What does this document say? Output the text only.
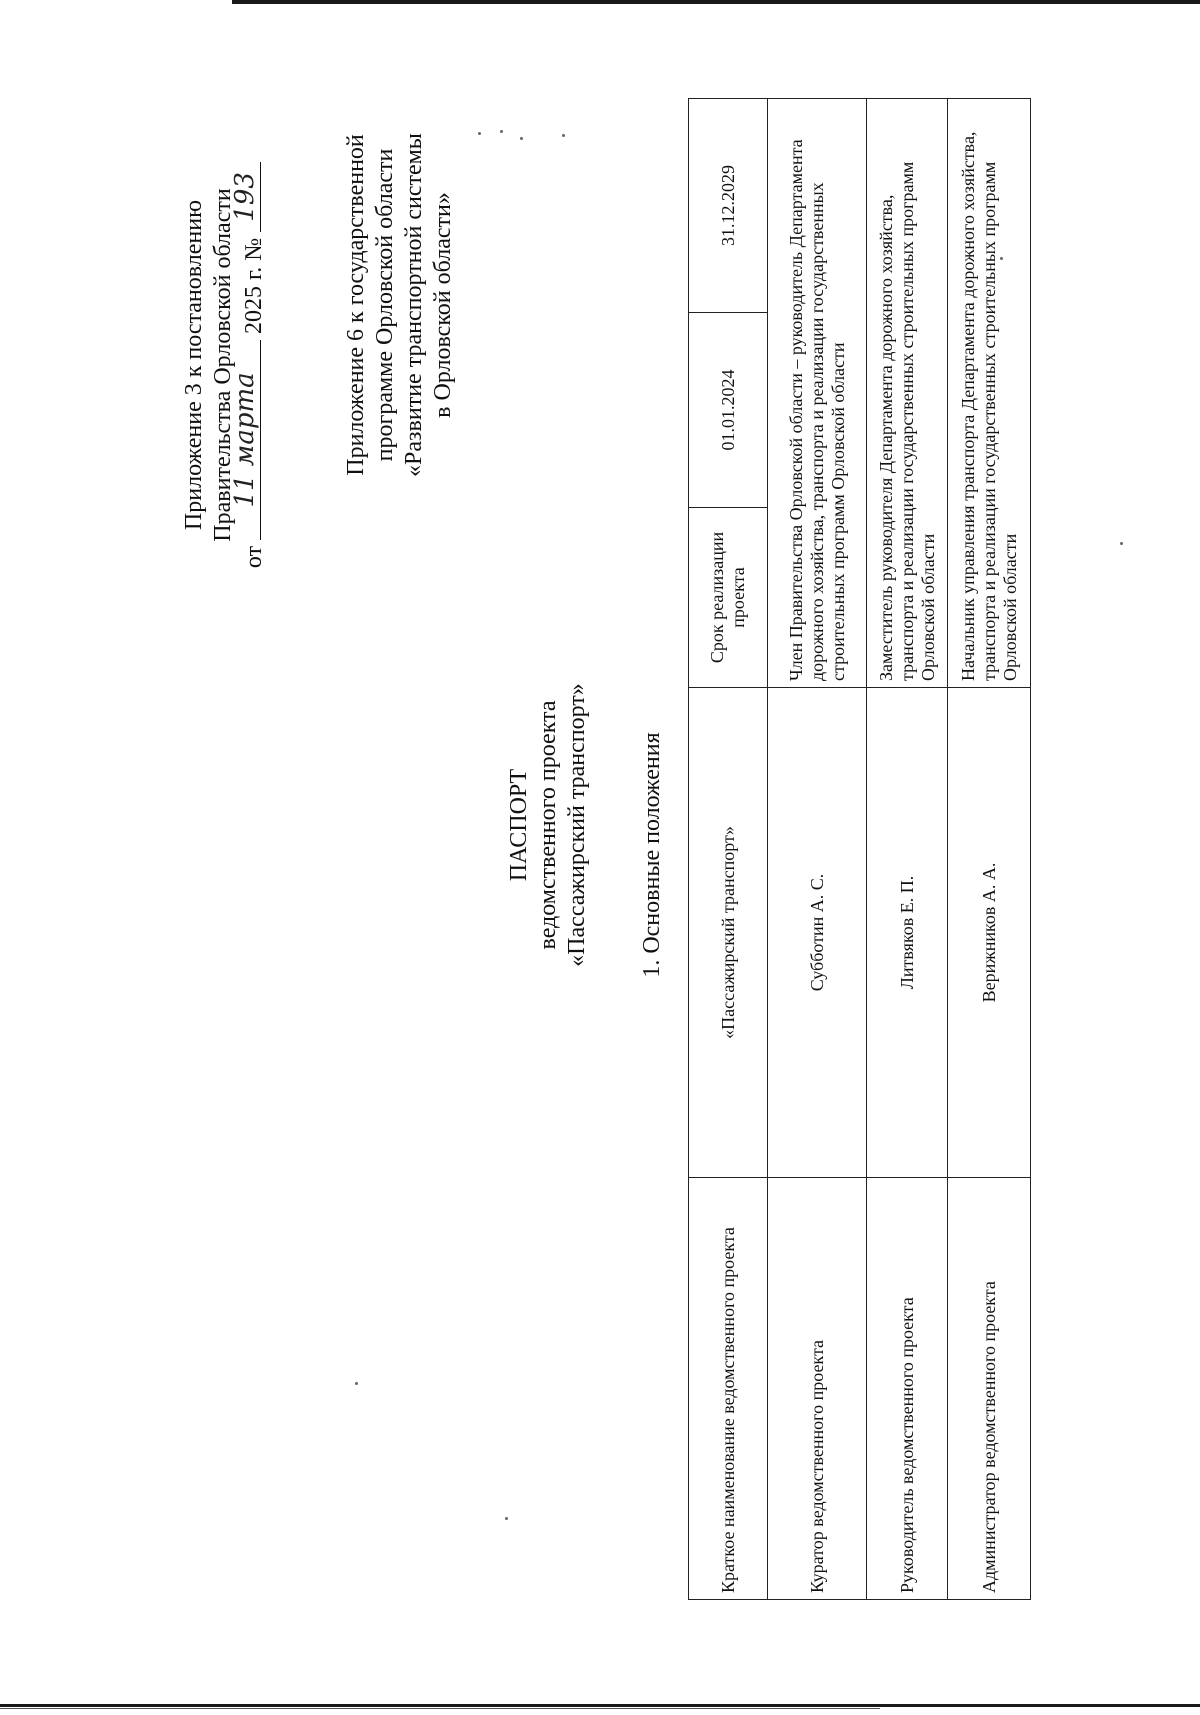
Приложение 3 к постановлению Правительства Орловской области
от
11 марта
2025 г. №
193	Приложение 6 к государственной программе Орловской области «Развитие транспортной системы в Орловской области»
ПАСПОРТ ведомственного проекта «Пассажирский транспорт» 1. Основные положения
Краткое наименование ведомственного проекта	«Пассажирский транспорт»	Срок реализации проекта	01.01.2024	31.12.2029
Куратор ведомственного проекта	Субботин А. С.	Член Правительства Орловской области – руководитель Департамента дорожного хозяйства, транспорта и реализации государственных строительных программ Орловской области		
Руководитель ведомственного проекта	Литвяков Е. П.	Заместитель руководителя Департамента дорожного хозяйства, транспорта и реализации государственных строительных программ Орловской области		
Администратор ведомственного проекта	Верижников А. А.	Начальник управления транспорта Департамента дорожного хозяйства, транспорта и реализации государственных строительных программ Орловской области		
